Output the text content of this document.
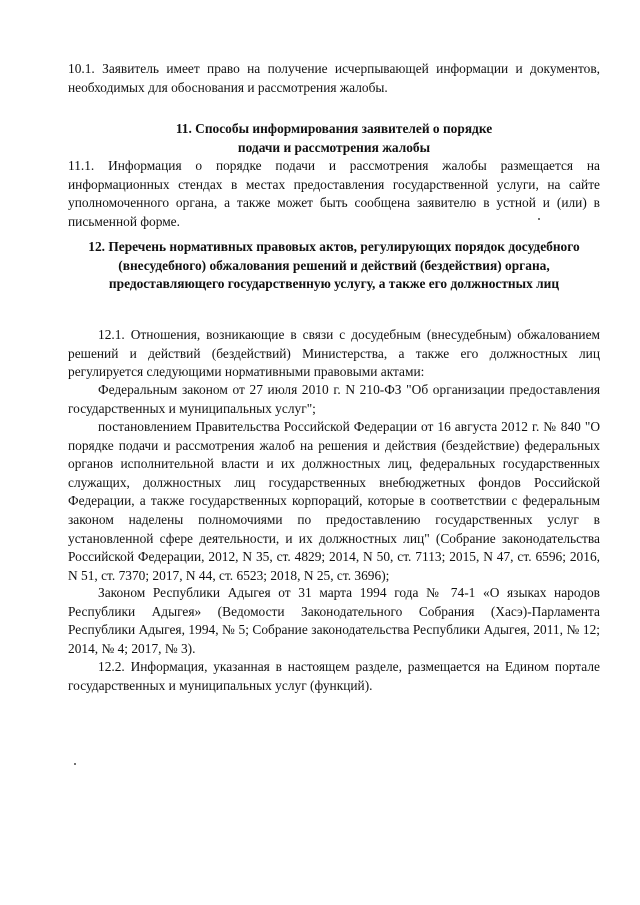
10.1. Заявитель имеет право на получение исчерпывающей информации и документов, необходимых для обоснования и рассмотрения жалобы.

11. Способы информирования заявителей о порядке
подачи и рассмотрения жалобы

11.1. Информация о порядке подачи и рассмотрения жалобы размещается на информационных стендах в местах предоставления государственной услуги, на сайте уполномоченного органа, а также может быть сообщена заявителю в устной и (или) в письменной форме.

12. Перечень нормативных правовых актов, регулирующих порядок досудебного (внесудебного) обжалования решений и действий (бездействия) органа, предоставляющего государственную услугу, а также его должностных лиц

12.1. Отношения, возникающие в связи с досудебным (внесудебным) обжалованием решений и действий (бездействий) Министерства, а также его должностных лиц регулируется следующими нормативными правовыми актами:

Федеральным законом от 27 июля 2010 г. N 210-ФЗ "Об организации предоставления государственных и муниципальных услуг";

постановлением Правительства Российской Федерации от 16 августа 2012 г. № 840 "О порядке подачи и рассмотрения жалоб на решения и действия (бездействие) федеральных органов исполнительной власти и их должностных лиц, федеральных государственных служащих, должностных лиц государственных внебюджетных фондов Российской Федерации, а также государственных корпораций, которые в соответствии с федеральным законом наделены полномочиями по предоставлению государственных услуг в установленной сфере деятельности, и их должностных лиц" (Собрание законодательства Российской Федерации, 2012, N 35, ст. 4829; 2014, N 50, ст. 7113; 2015, N 47, ст. 6596; 2016, N 51, ст. 7370; 2017, N 44, ст. 6523; 2018, N 25, ст. 3696);

Законом Республики Адыгея от 31 марта 1994 года № 74-1 «О языках народов Республики Адыгея» (Ведомости Законодательного Собрания (Хасэ)-Парламента Республики Адыгея, 1994, № 5; Собрание законодательства Республики Адыгея, 2011, № 12; 2014, № 4; 2017, № 3).

12.2. Информация, указанная в настоящем разделе, размещается на Едином портале государственных и муниципальных услуг (функций).
